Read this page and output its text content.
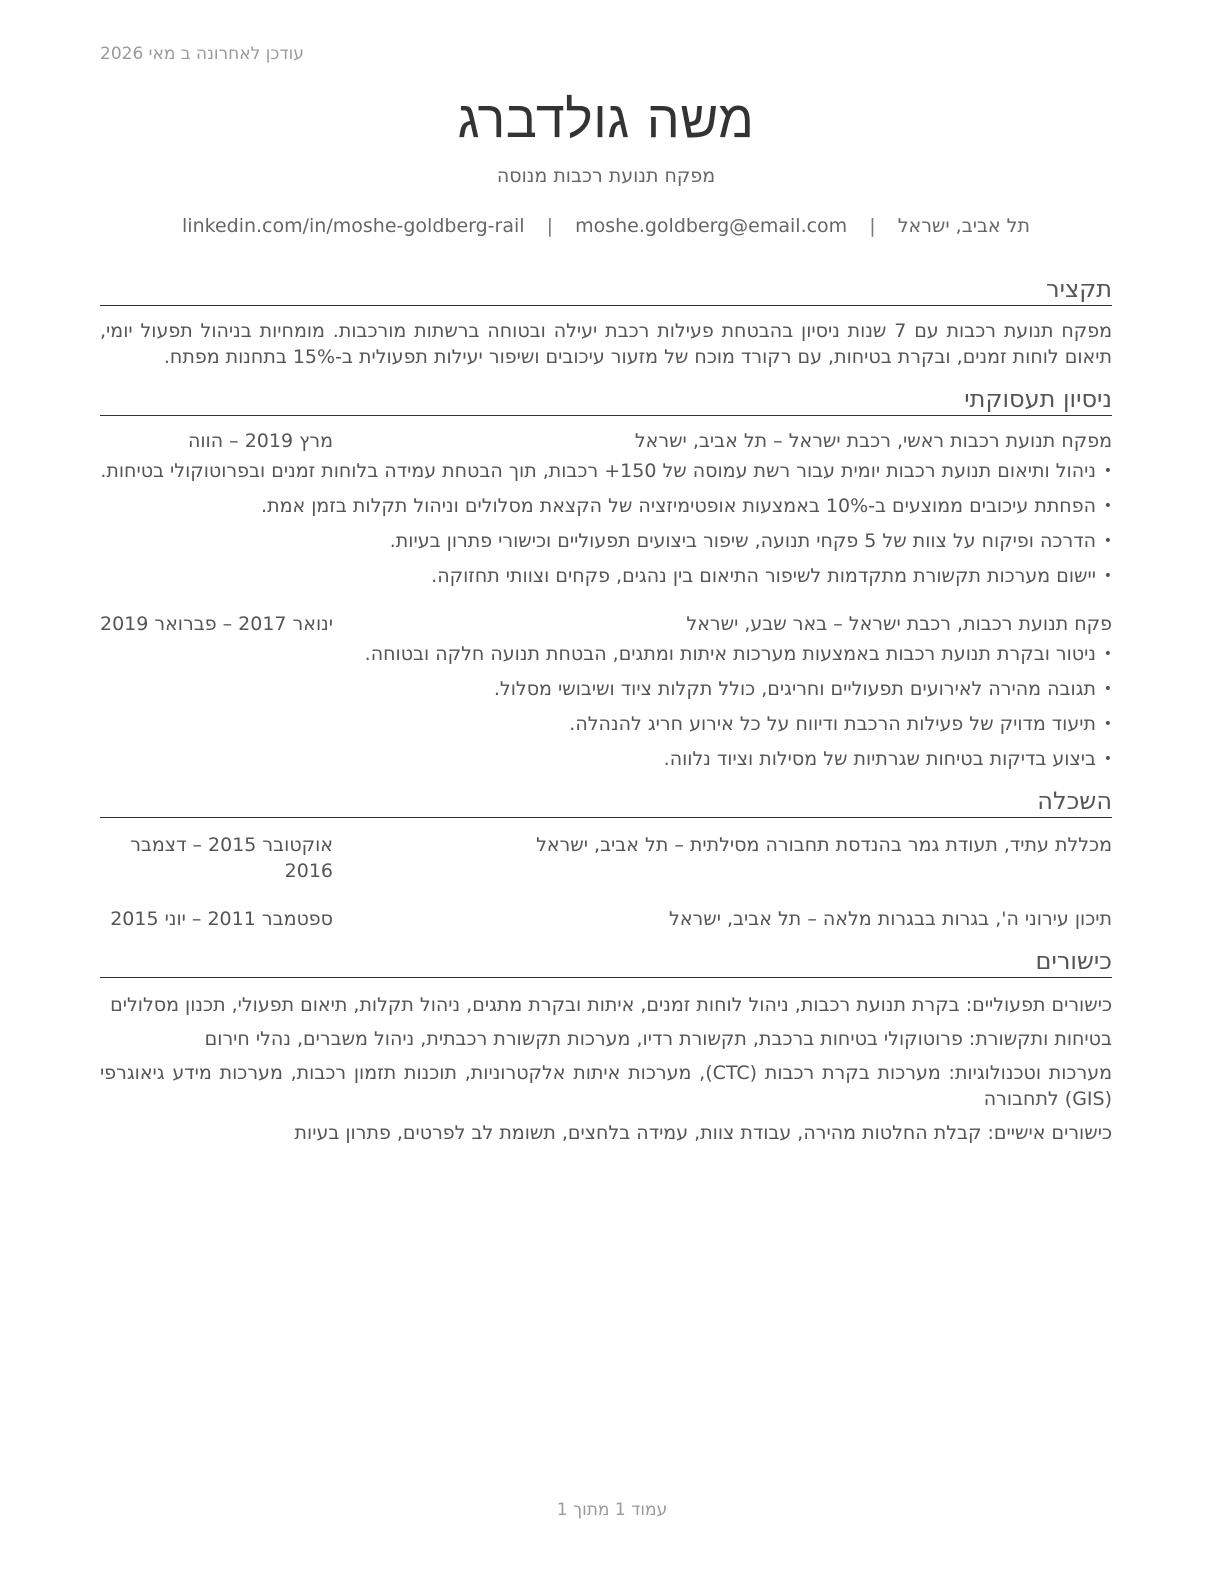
עודכן לאחרונה ב מאי 2026
משה גולדברג
מפקח תנועת רכבות מנוסה
תל אביב, ישראל | moshe.goldberg@email.com | linkedin.com/in/moshe-goldberg-rail
תקציר
מפקח תנועת רכבות עם 7 שנות ניסיון בהבטחת פעילות רכבת יעילה ובטוחה ברשתות מורכבות. מומחיות בניהול תפעול יומי, תיאום לוחות זמנים, ובקרת בטיחות, עם רקורד מוכח של מזעור עיכובים ושיפור יעילות תפעולית ב-15% בתחנות מפתח.
ניסיון תעסוקתי
מפקח תנועת רכבות ראשי, רכבת ישראל – תל אביב, ישראל
מרץ 2019 – הווה
• ניהול ותיאום תנועת רכבות יומית עבור רשת עמוסה של 150+ רכבות, תוך הבטחת עמידה בלוחות זמנים ובפרוטוקולי בטיחות.
• הפחתת עיכובים ממוצעים ב-10% באמצעות אופטימיזציה של הקצאת מסלולים וניהול תקלות בזמן אמת.
• הדרכה ופיקוח על צוות של 5 פקחי תנועה, שיפור ביצועים תפעוליים וכישורי פתרון בעיות.
• יישום מערכות תקשורת מתקדמות לשיפור התיאום בין נהגים, פקחים וצוותי תחזוקה.
פקח תנועת רכבות, רכבת ישראל – באר שבע, ישראל
ינואר 2017 – פברואר 2019
• ניטור ובקרת תנועת רכבות באמצעות מערכות איתות ומתגים, הבטחת תנועה חלקה ובטוחה.
• תגובה מהירה לאירועים תפעוליים וחריגים, כולל תקלות ציוד ושיבושי מסלול.
• תיעוד מדויק של פעילות הרכבת ודיווח על כל אירוע חריג להנהלה.
• ביצוע בדיקות בטיחות שגרתיות של מסילות וציוד נלווה.
השכלה
מכללת עתיד, תעודת גמר בהנדסת תחבורה מסילתית – תל אביב, ישראל
אוקטובר 2015 – דצמבר 2016
תיכון עירוני ה', בגרות בבגרות מלאה – תל אביב, ישראל
ספטמבר 2011 – יוני 2015
כישורים
כישורים תפעוליים: בקרת תנועת רכבות, ניהול לוחות זמנים, איתות ובקרת מתגים, ניהול תקלות, תיאום תפעולי, תכנון מסלולים
בטיחות ותקשורת: פרוטוקולי בטיחות ברכבת, תקשורת רדיו, מערכות תקשורת רכבתית, ניהול משברים, נהלי חירום
מערכות וטכנולוגיות: מערכות בקרת רכבות (CTC), מערכות איתות אלקטרוניות, תוכנות תזמון רכבות, מערכות מידע גיאוגרפי (GIS) לתחבורה
כישורים אישיים: קבלת החלטות מהירה, עבודת צוות, עמידה בלחצים, תשומת לב לפרטים, פתרון בעיות
עמוד 1 מתוך 1
